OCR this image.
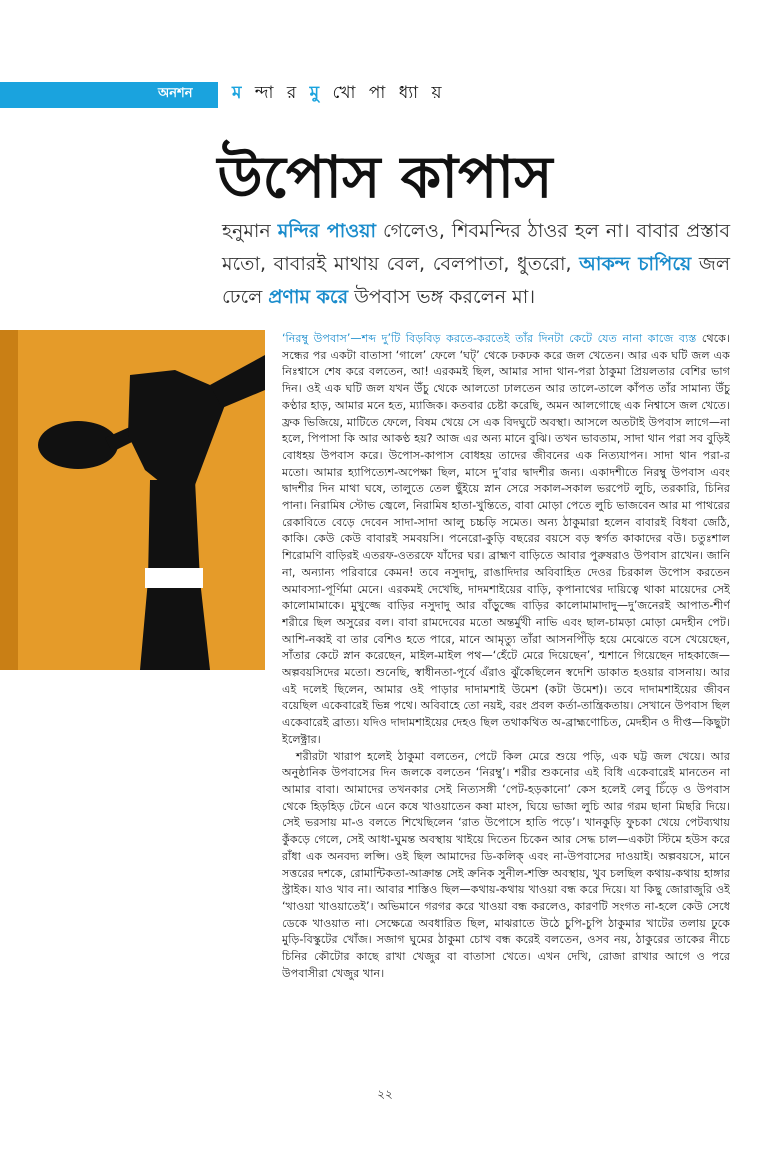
অনশন ম ন্দা র মু খো পা ধ্যা য়
উপোস কাপাস
হনুমান মন্দির পাওয়া গেলেও, শিবমন্দির ঠাওর হল না। বাবার প্রস্তাব মতো, বাবারই মাথায় বেল, বেলপাতা, ধুতরো, আকন্দ চাপিয়ে জল ঢেলে প্রণাম করে উপবাস ভঙ্গ করলেন মা।

‘নিরম্বু উপবাস’—শব্দ দু’টি বিড়বিড় করতে-করতেই তাঁর দিনটা কেটে যেত নানা কাজে ব্যস্ত থেকে। সন্ধের পর একটা বাতাসা ‘গালে’ ফেলে ‘ঘট্’ থেকে ঢকঢক করে জল খেতেন। আর এক ঘটি জল এক নিঃশ্বাসে শেষ করে বলতেন, আ! এরকমই ছিল, আমার সাদা থান-পরা ঠাকুমা প্রিয়লতার বেশির ভাগ দিন। ওই এক ঘটি জল যখন উঁচু থেকে আলতো ঢালতেন আর তালে-তালে কাঁপত তাঁর সামান্য উঁচু কণ্ঠার হাড়, আমার মনে হত, ম্যাজিক। কতবার চেষ্টা করেছি, অমন আলগোছে এক নিশ্বাসে জল খেতে। ফ্রক ভিজিয়ে, মাটিতে ফেলে, বিষম খেয়ে সে এক বিদঘুটে অবস্থা। আসলে অতটাই উপবাস লাগে—না হলে, পিপাসা কি আর আকণ্ঠ হয়? আজ এর অন্য মানে বুঝি। তখন ভাবতাম, সাদা থান পরা সব বুড়িই বোধহয় উপবাস করে। উপোস-কাপাস বোধহয় তাদের জীবনের এক নিত্যযাপন। সাদা থান পরা-র মতো। আমার হ্যাপিত্যেশ-অপেক্ষা ছিল, মাসে দু’বার দ্বাদশীর জন্য। একাদশীতে নিরম্বু উপবাস এবং দ্বাদশীর দিন মাথা ঘষে, তালুতে তেল ছুঁইয়ে স্নান সেরে সকাল-সকাল ভরপেট লুচি, তরকারি, চিনির পানা। নিরামিষ স্টোভ জ্বেলে, নিরামিষ হাতা-খুন্তিতে, বাবা মোড়া পেতে লুচি ভাজবেন আর মা পাথরের রেকাবিতে বেড়ে দেবেন সাদা-সাদা আলু চচ্চড়ি সমেত। অন্য ঠাকুমারা হলেন বাবারই বিধবা জেঠি, কাকি। কেউ কেউ বাবারই সমবয়সি। পনেরো-কুড়ি বছরের বয়সে বড় স্বর্গত কাকাদের বউ। চতুঃশাল শিরোমণি বাড়িরই এতরফ-ওতরফে যাঁদের ঘর। ব্রাহ্মণ বাড়িতে আবার পুরুষরাও উপবাস রাখেন। জানি না, অন্যান্য পরিবারে কেমন! তবে নসুদাদু, রাঙাদিদার অবিবাহিত দেওর চিরকাল উপোস করতেন অমাবস্যা-পূর্ণিমা মেনে। এরকমই দেখেছি, দাদমশাইয়ের বাড়ি, কৃপানাথের দায়িত্বে থাকা মায়েদের সেই কালোমামাকে। মুখুজ্জে বাড়ির নসুদাদু আর বাঁড়ুজ্জে বাড়ির কালোমামাদাদু—দু’জনেরই আপাত-শীর্ণ শরীরে ছিল অসুরের বল। বাবা রামদেবের মতো অন্তর্মুখী নাভি এবং ছাল-চামড়া মোড়া মেদহীন পেট। আশি-নব্বই বা তার বেশিও হতে পারে, মানে আমৃত্যু তাঁরা আসনপিঁড়ি হয়ে মেঝেতে বসে খেয়েছেন, সাঁতার কেটে স্নান করেছেন, মাইল-মাইল পথ—‘হেঁটে মেরে দিয়েছেন’, শ্মশানে গিয়েছেন দাহকাজে—অল্পবয়সিদের মতো। শুনেছি, স্বাধীনতা-পূর্বে এঁরাও ঝুঁকেছিলেন স্বদেশি ডাকাত হওয়ার বাসনায়। আর এই দলেই ছিলেন, আমার ওই পাড়ার দাদামশাই উমেশ (কটা উমেশ)। তবে দাদামশাইয়ের জীবন বয়েছিল একেবারেই ভিন্ন পথে। অবিবাহে তো নয়ই, বরং প্রবল কর্তা-তান্ত্রিকতায়। সেখানে উপবাস ছিল একেবারেই ব্রাত্য। যদিও দাদামশাইয়ের দেহও ছিল তথাকথিত অ-ব্রাহ্মণোচিত, মেদহীন ও দীপ্ত—কিছুটা ইলেক্ট্রার।

শরীরটা খারাপ হলেই ঠাকুমা বলতেন, পেটে কিল মেরে শুয়ে পড়ি, এক ঘট্ট জল খেয়ে। আর অনুষ্ঠানিক উপবাসের দিন জলকে বলতেন ‘নিরম্বু’। শরীর শুকনোর এই বিধি একেবারেই মানতেন না আমার বাবা। আমাদের তখনকার সেই নিত্যসঙ্গী ‘পেট-হড়কানো’ কেস হলেই লেবু চিঁড়ে ও উপবাস থেকে হিড়হিড় টেনে এনে কষে খাওয়াতেন কষা মাংস, ঘিয়ে ভাজা লুচি আর গরম ছানা মিছরি দিয়ে। সেই ভরসায় মা-ও বলতে শিখেছিলেন ‘রাত উপোসে হাতি পড়ে’। খানকুড়ি ফুচকা খেয়ে পেটব্যথায় কুঁকড়ে গেলে, সেই আধা-ঘুমন্ত অবস্থায় খাইয়ে দিতেন চিকেন আর সেদ্ধ চাল—একটা স্টিমে হউস করে রাঁধা এক অনবদ্য লপ্সি। ওই ছিল আমাদের ডি-কলিক্ এবং না-উপবাসের দাওয়াই। অল্পবয়সে, মানে সত্তরের দশকে, রোমান্টিকতা-আক্রান্ত সেই ক্রনিক সুনীল-শক্তি অবস্থায়, খুব চলছিল কথায়-কথায় হাঙ্গার স্ট্রাইক। যাও খাব না। আবার শাস্তিও ছিল—কথায়-কথায় খাওয়া বন্ধ করে দিয়ে। যা কিছু জোরাজুরি ওই ‘খাওয়া খাওয়াতেই’। অভিমানে গরগর করে খাওয়া বন্ধ করলেও, কারণটি সংগত না-হলে কেউ সেধে ডেকে খাওয়াত না। সেক্ষেত্রে অবধারিত ছিল, মাঝরাতে উঠে চুপি-চুপি ঠাকুমার খাটের তলায় ঢুকে মুড়ি-বিস্কুটের খোঁজ। সজাগ ঘুমের ঠাকুমা চোখ বন্ধ করেই বলতেন, ওসব নয়, ঠাকুরের তাকের নীচে চিনির কৌটোর কাছে রাখা খেজুর বা বাতাসা খেতে। এখন দেখি, রোজা রাখার আগে ও পরে উপবাসীরা খেজুর খান।

২২
